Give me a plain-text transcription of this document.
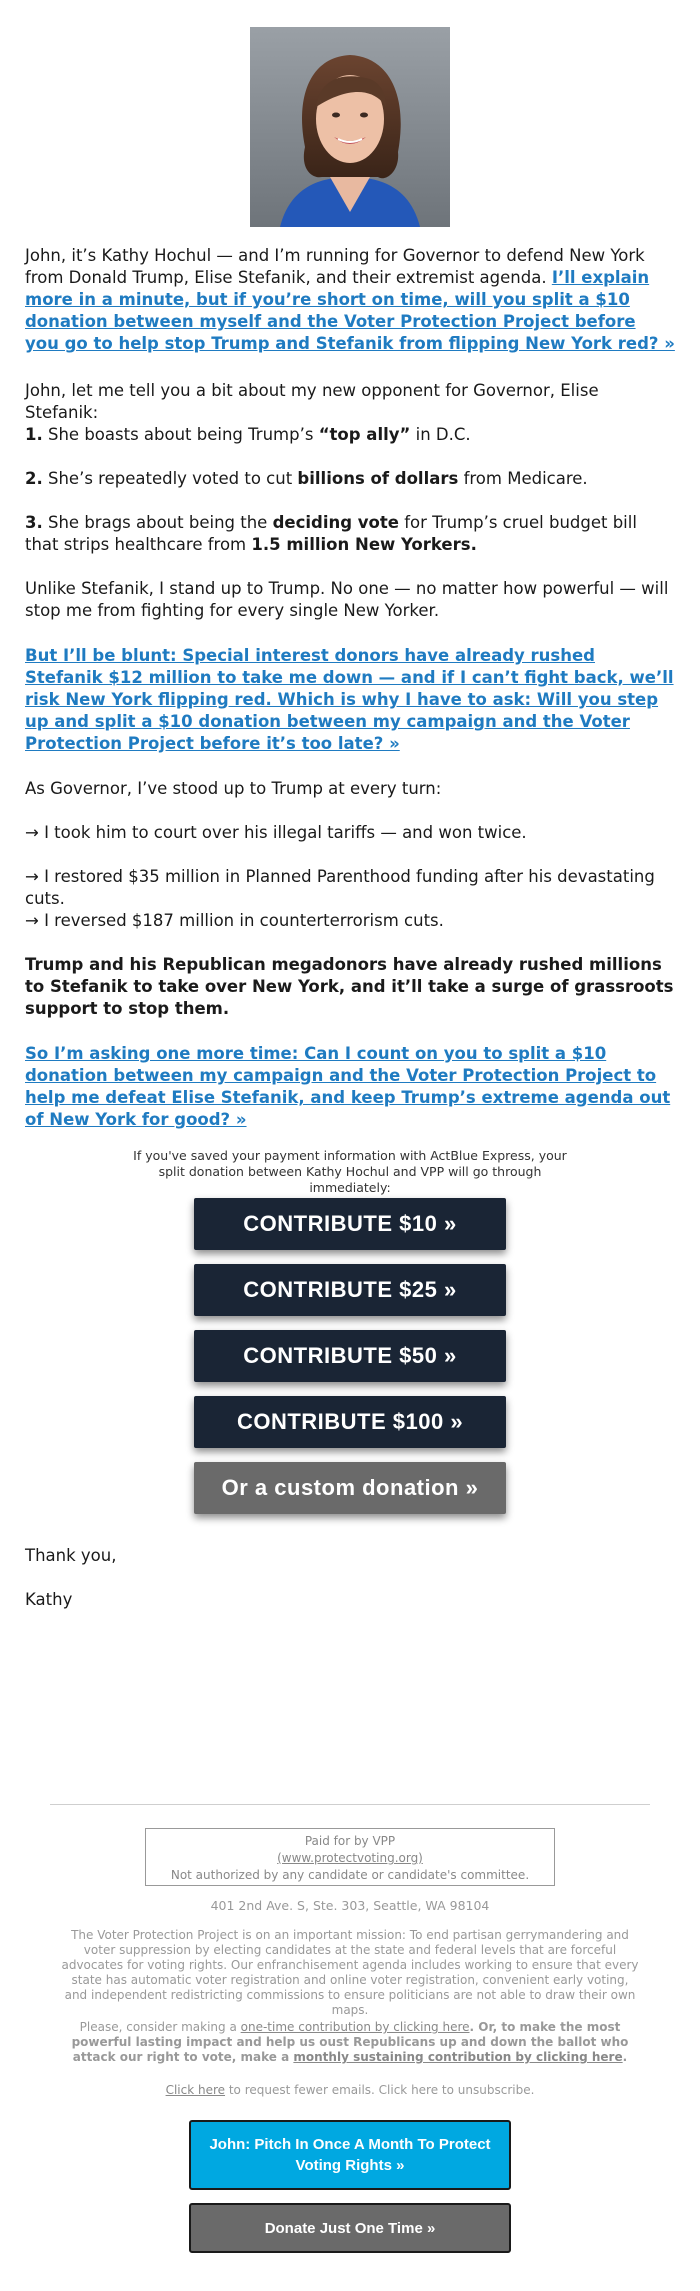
John, it’s Kathy Hochul — and I’m running for Governor to defend New York from Donald Trump, Elise Stefanik, and their extremist agenda. I’ll explain more in a minute, but if you’re short on time, will you split a $10 donation between myself and the Voter Protection Project before you go to help stop Trump and Stefanik from flipping New York red? »

John, let me tell you a bit about my new opponent for Governor, Elise Stefanik:

1. She boasts about being Trump’s “top ally” in D.C.

2. She’s repeatedly voted to cut billions of dollars from Medicare.

3. She brags about being the deciding vote for Trump’s cruel budget bill that strips healthcare from 1.5 million New Yorkers.

Unlike Stefanik, I stand up to Trump. No one — no matter how powerful — will stop me from fighting for every single New Yorker.

But I’ll be blunt: Special interest donors have already rushed Stefanik $12 million to take me down — and if I can’t fight back, we’ll risk New York flipping red. Which is why I have to ask: Will you step up and split a $10 donation between my campaign and the Voter Protection Project before it’s too late? »

As Governor, I’ve stood up to Trump at every turn:

→ I took him to court over his illegal tariffs — and won twice.

→ I restored $35 million in Planned Parenthood funding after his devastating cuts.

→ I reversed $187 million in counterterrorism cuts.

Trump and his Republican megadonors have already rushed millions to Stefanik to take over New York, and it’ll take a surge of grassroots support to stop them.

So I’m asking one more time: Can I count on you to split a $10 donation between my campaign and the Voter Protection Project to help me defeat Elise Stefanik, and keep Trump’s extreme agenda out of New York for good? »

If you've saved your payment information with ActBlue Express, your split donation between Kathy Hochul and VPP will go through immediately:
CONTRIBUTE $10 »
CONTRIBUTE $25 »
CONTRIBUTE $50 »
CONTRIBUTE $100 »
Or a custom donation »

Thank you,

Kathy

Paid for by VPP
(www.protectvoting.org)
Not authorized by any candidate or candidate's committee.
401 2nd Ave. S, Ste. 303, Seattle, WA 98104
The Voter Protection Project is on an important mission: To end partisan gerrymandering and voter suppression by electing candidates at the state and federal levels that are forceful advocates for voting rights. Our enfranchisement agenda includes working to ensure that every state has automatic voter registration and online voter registration, convenient early voting, and independent redistricting commissions to ensure politicians are not able to draw their own maps.
Please, consider making a one-time contribution by clicking here. Or, to make the most powerful lasting impact and help us oust Republicans up and down the ballot who attack our right to vote, make a monthly sustaining contribution by clicking here.
Click here to request fewer emails. Click here to unsubscribe.
John: Pitch In Once A Month To Protect Voting Rights »
Donate Just One Time »
